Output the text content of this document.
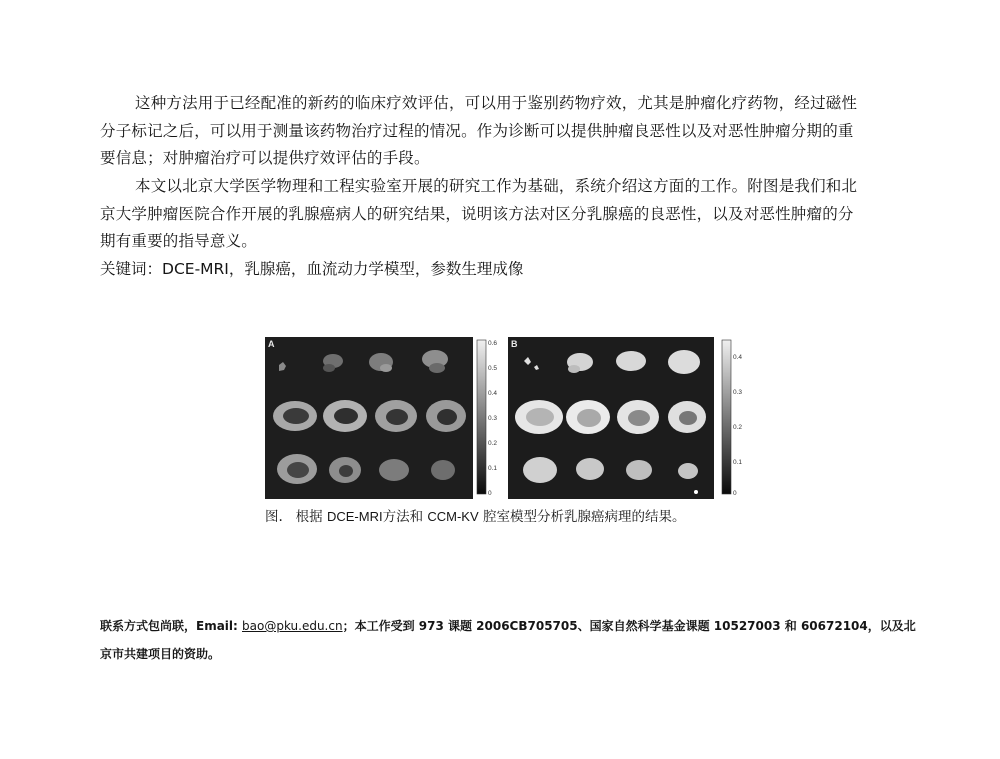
这种方法用于已经配准的新药的临床疗效评估，可以用于鉴别药物疗效，尤其是肿瘤化疗药物，经过磁性分子标记之后，可以用于测量该药物治疗过程的情况。作为诊断可以提供肿瘤良恶性以及对恶性肿瘤分期的重要信息；对肿瘤治疗可以提供疗效评估的手段。

本文以北京大学医学物理和工程实验室开展的研究工作为基础，系统介绍这方面的工作。附图是我们和北京大学肿瘤医院合作开展的乳腺癌病人的研究结果，说明该方法对区分乳腺癌的良恶性，以及对恶性肿瘤的分期有重要的指导意义。

关键词：DCE-MRI，乳腺癌，血流动力学模型，参数生理成像

A	0.6
0.5
0.4
0.3
0.2
0.1
0
B
0.4
0.3
0.2
0.1
0

图. 根据 DCE-MRI方法和 CCM-KV 腔室模型分析乳腺癌病理的结果。

联系方式包尚联，Email: bao@pku.edu.cn；本工作受到 973 课题 2006CB705705、国家自然科学基金课题 10527003 和 60672104，以及北京市共建项目的资助。
